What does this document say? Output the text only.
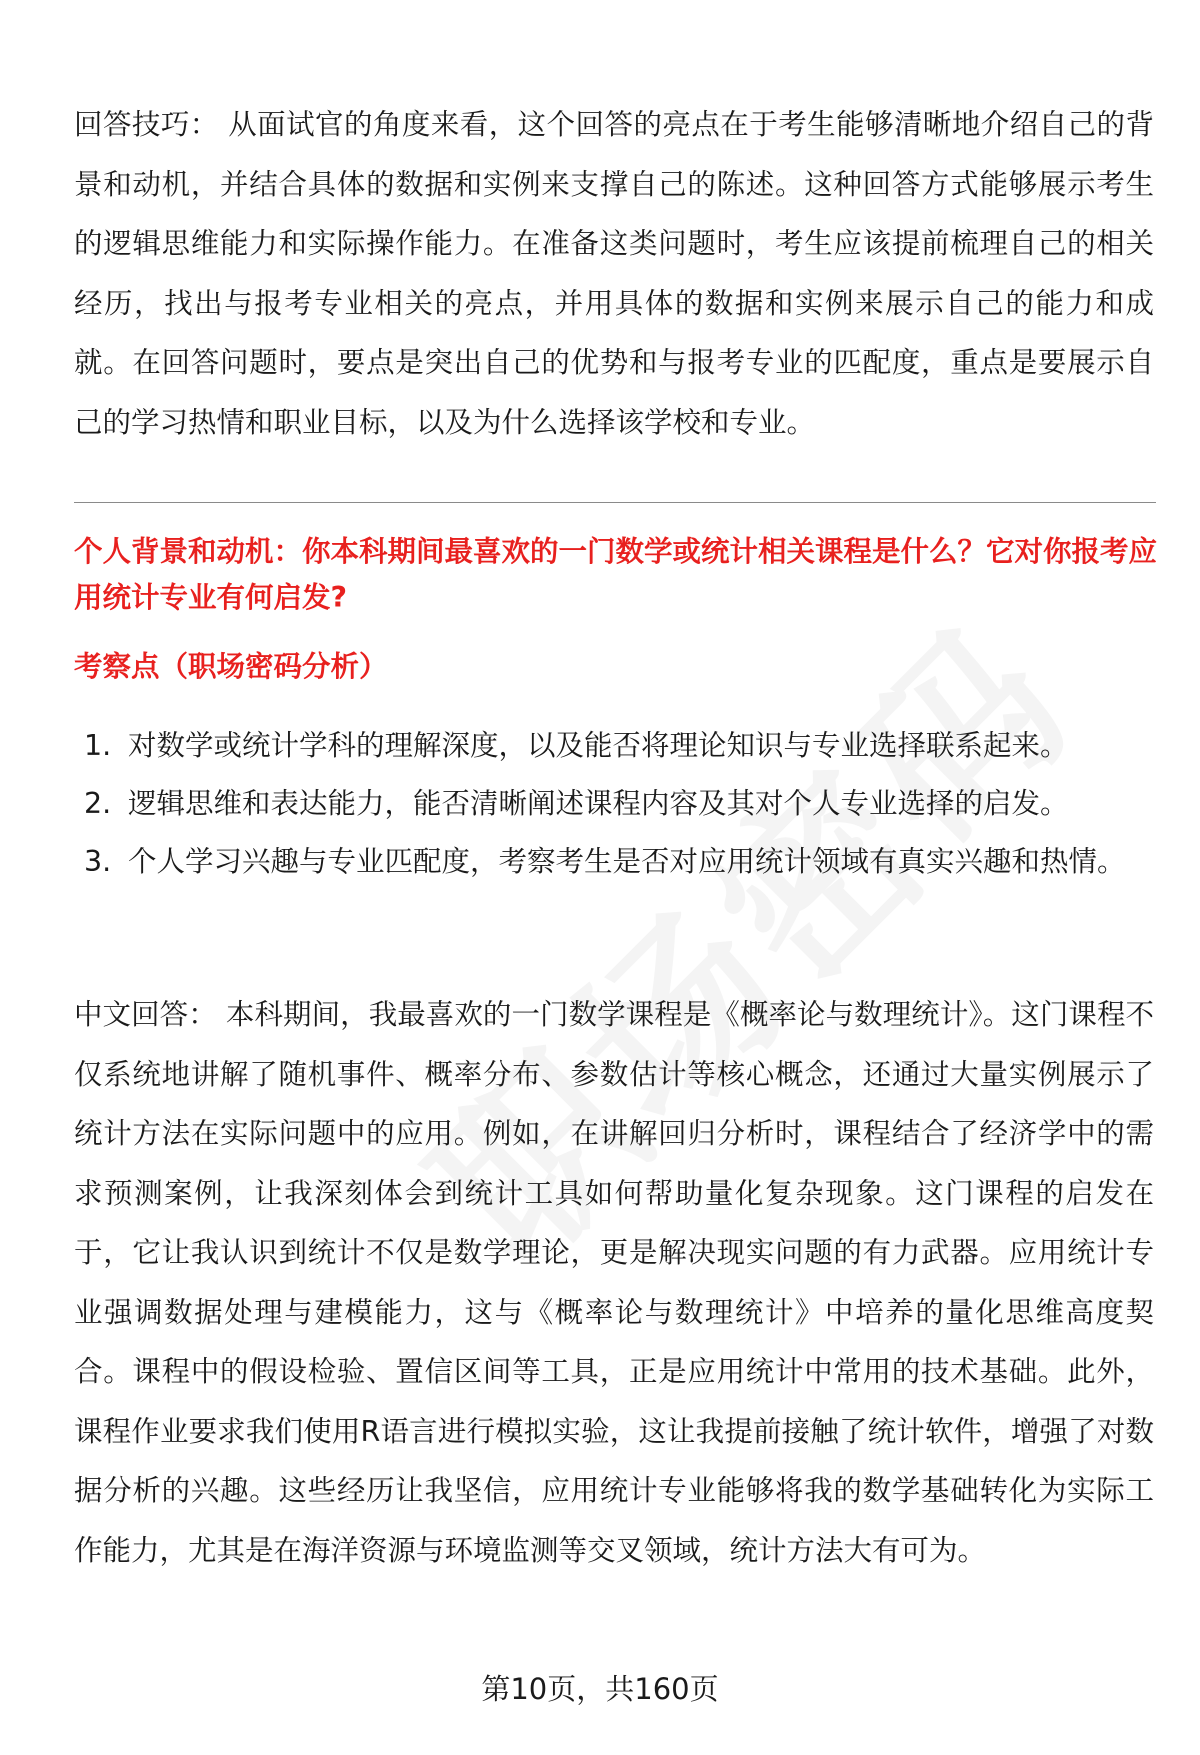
回答技巧： 从面试官的角度来看，这个回答的亮点在于考生能够清晰地介绍自己的背景和动机，并结合具体的数据和实例来支撑自己的陈述。这种回答方式能够展示考生的逻辑思维能力和实际操作能力。在准备这类问题时，考生应该提前梳理自己的相关经历，找出与报考专业相关的亮点，并用具体的数据和实例来展示自己的能力和成就。在回答问题时，要点是突出自己的优势和与报考专业的匹配度，重点是要展示自己的学习热情和职业目标，以及为什么选择该学校和专业。

个人背景和动机：你本科期间最喜欢的一门数学或统计相关课程是什么？它对你报考应用统计专业有何启发?

考察点（职场密码分析）

1. 对数学或统计学科的理解深度，以及能否将理论知识与专业选择联系起来。
2. 逻辑思维和表达能力，能否清晰阐述课程内容及其对个人专业选择的启发。
3. 个人学习兴趣与专业匹配度，考察考生是否对应用统计领域有真实兴趣和热情。

中文回答： 本科期间，我最喜欢的一门数学课程是《概率论与数理统计》。这门课程不仅系统地讲解了随机事件、概率分布、参数估计等核心概念，还通过大量实例展示了统计方法在实际问题中的应用。例如，在讲解回归分析时，课程结合了经济学中的需求预测案例，让我深刻体会到统计工具如何帮助量化复杂现象。这门课程的启发在于，它让我认识到统计不仅是数学理论，更是解决现实问题的有力武器。应用统计专业强调数据处理与建模能力，这与《概率论与数理统计》中培养的量化思维高度契合。课程中的假设检验、置信区间等工具，正是应用统计中常用的技术基础。此外，课程作业要求我们使用R语言进行模拟实验，这让我提前接触了统计软件，增强了对数据分析的兴趣。这些经历让我坚信，应用统计专业能够将我的数学基础转化为实际工作能力，尤其是在海洋资源与环境监测等交叉领域，统计方法大有可为。

第10页，共160页
